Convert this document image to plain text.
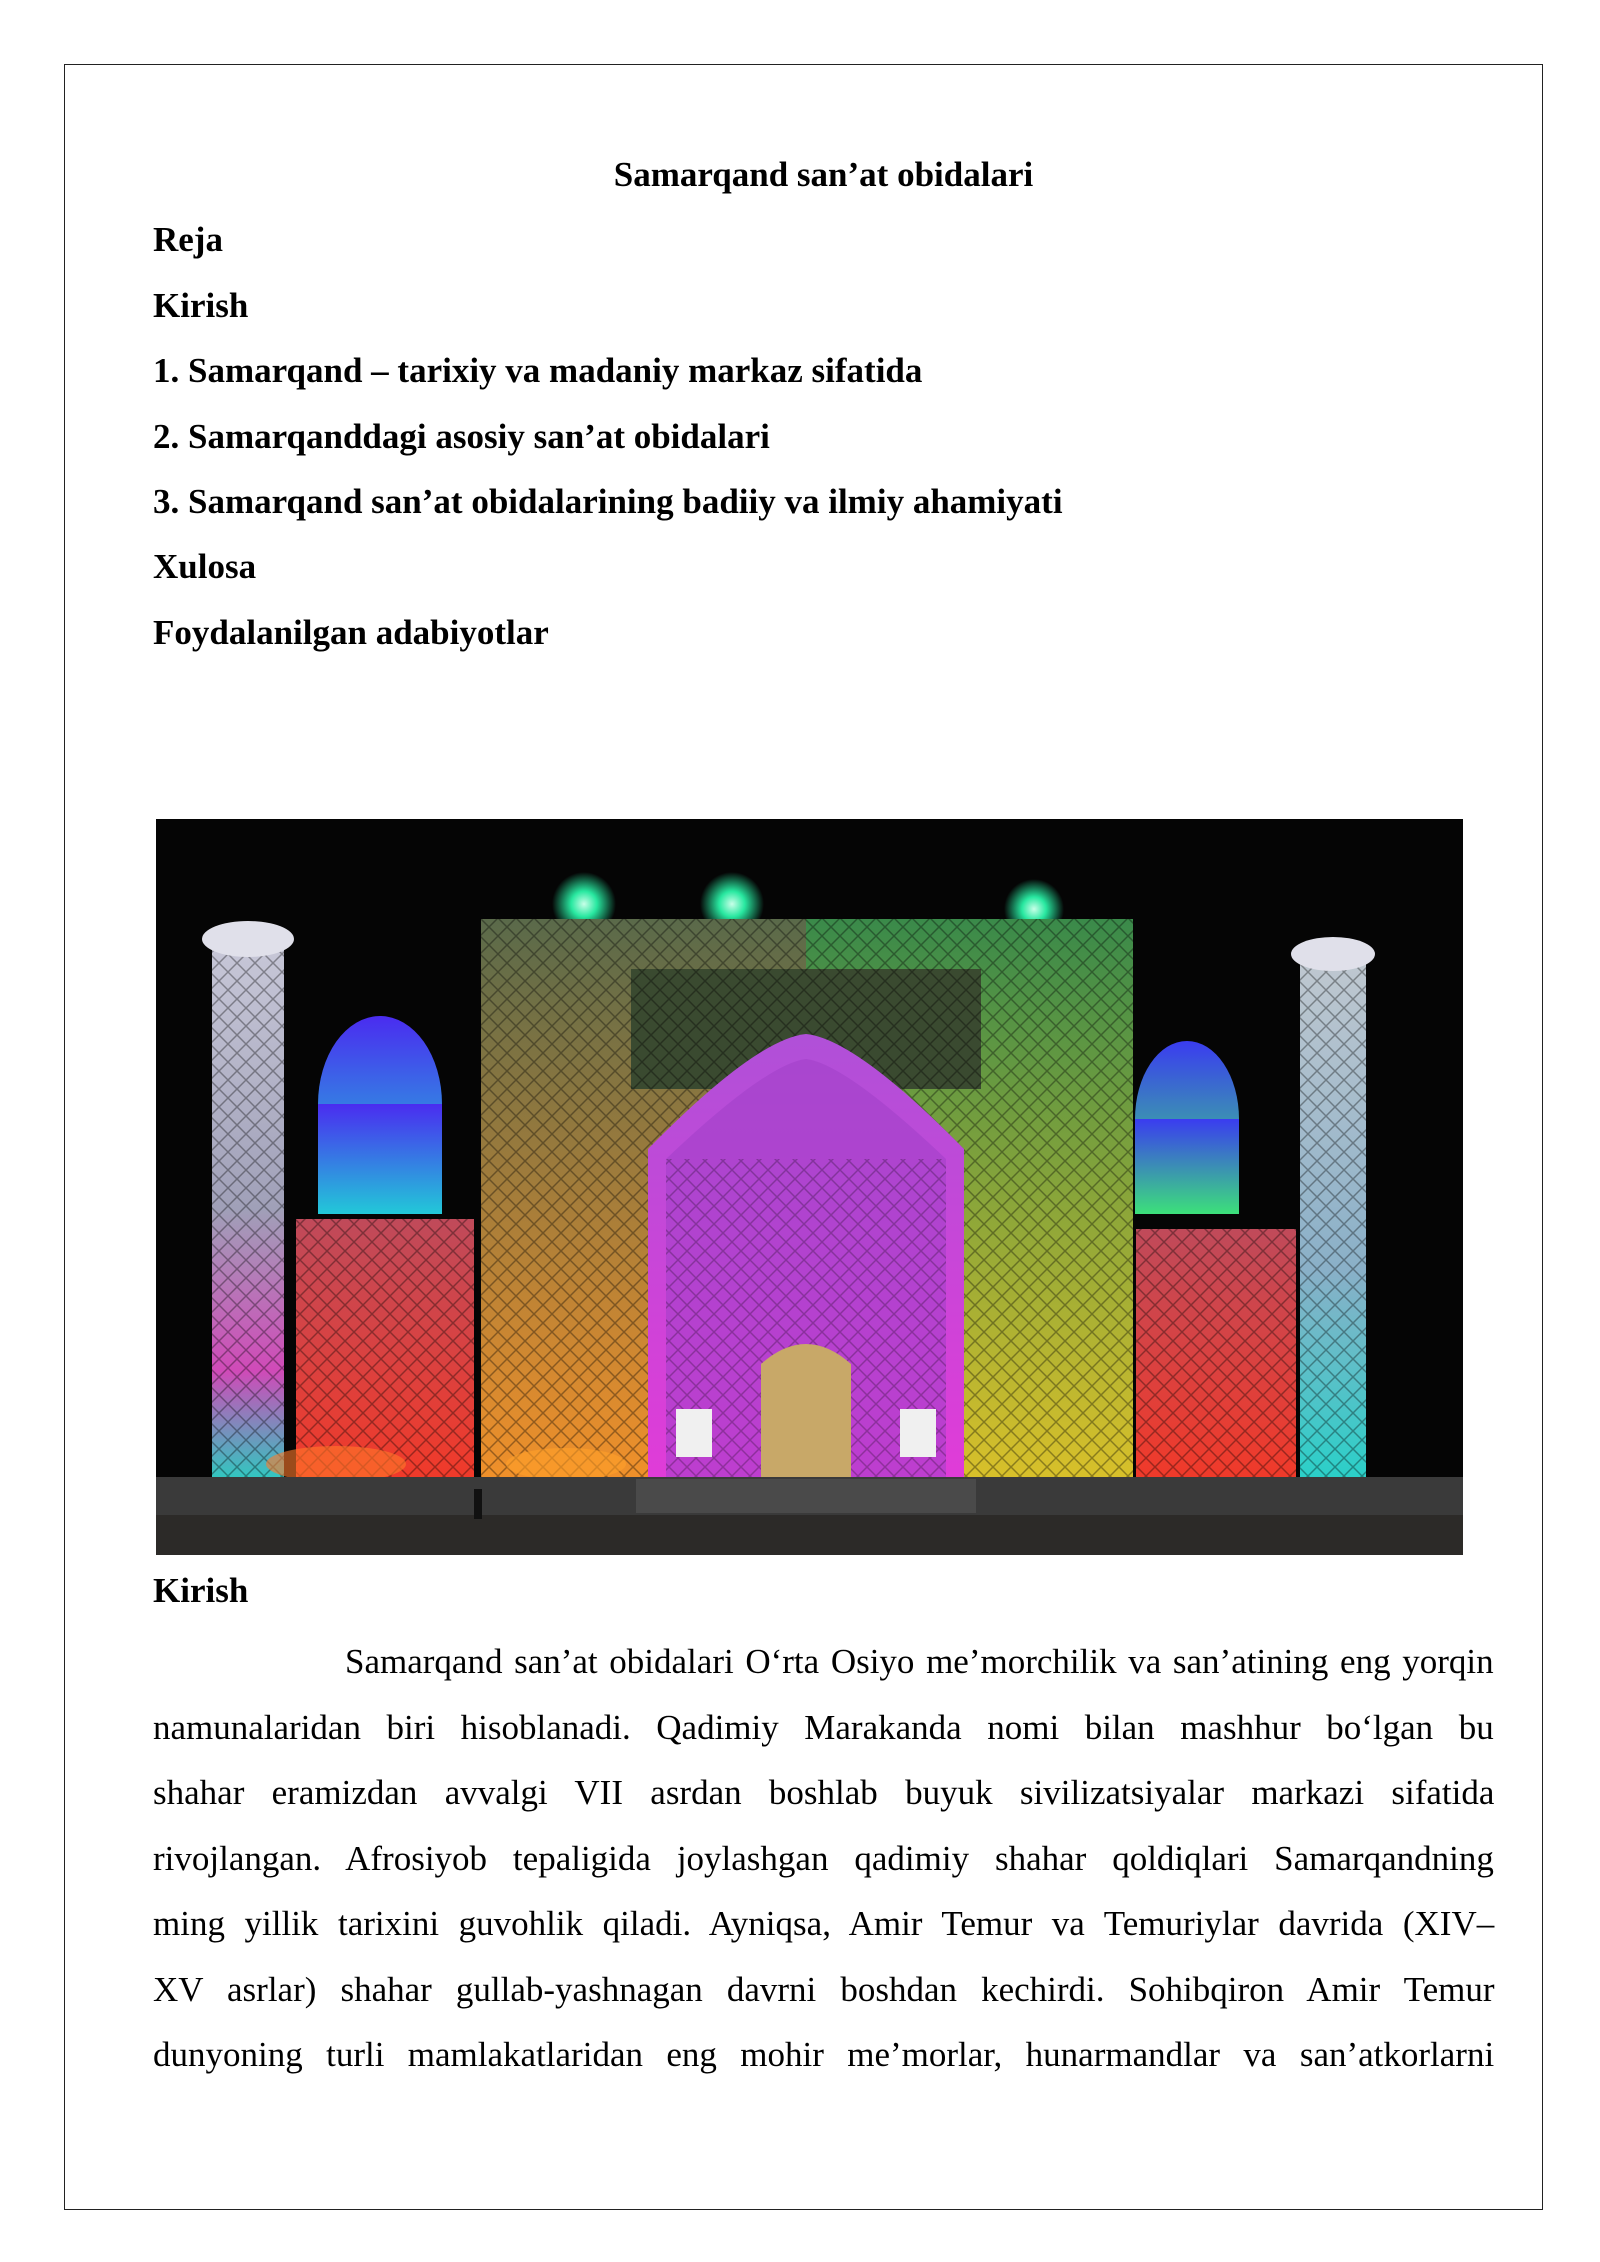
Samarqand san’at obidalari
Reja
Kirish
1. Samarqand – tarixiy va madaniy markaz sifatida
2. Samarqanddagi asosiy san’at obidalari
3. Samarqand san’at obidalarining badiiy va ilmiy ahamiyati
Xulosa
Foydalanilgan adabiyotlar
Kirish
Samarqand san’at obidalari O‘rta Osiyo me’morchilik va san’atining eng yorqin
namunalaridan biri hisoblanadi. Qadimiy Marakanda nomi bilan mashhur bo‘lgan bu
shahar eramizdan avvalgi VII asrdan boshlab buyuk sivilizatsiyalar markazi sifatida
rivojlangan. Afrosiyob tepaligida joylashgan qadimiy shahar qoldiqlari Samarqandning
ming yillik tarixini guvohlik qiladi. Ayniqsa, Amir Temur va Temuriylar davrida (XIV–
XV asrlar) shahar gullab-yashnagan davrni boshdan kechirdi. Sohibqiron Amir Temur
dunyoning turli mamlakatlaridan eng mohir me’morlar, hunarmandlar va san’atkorlarni
